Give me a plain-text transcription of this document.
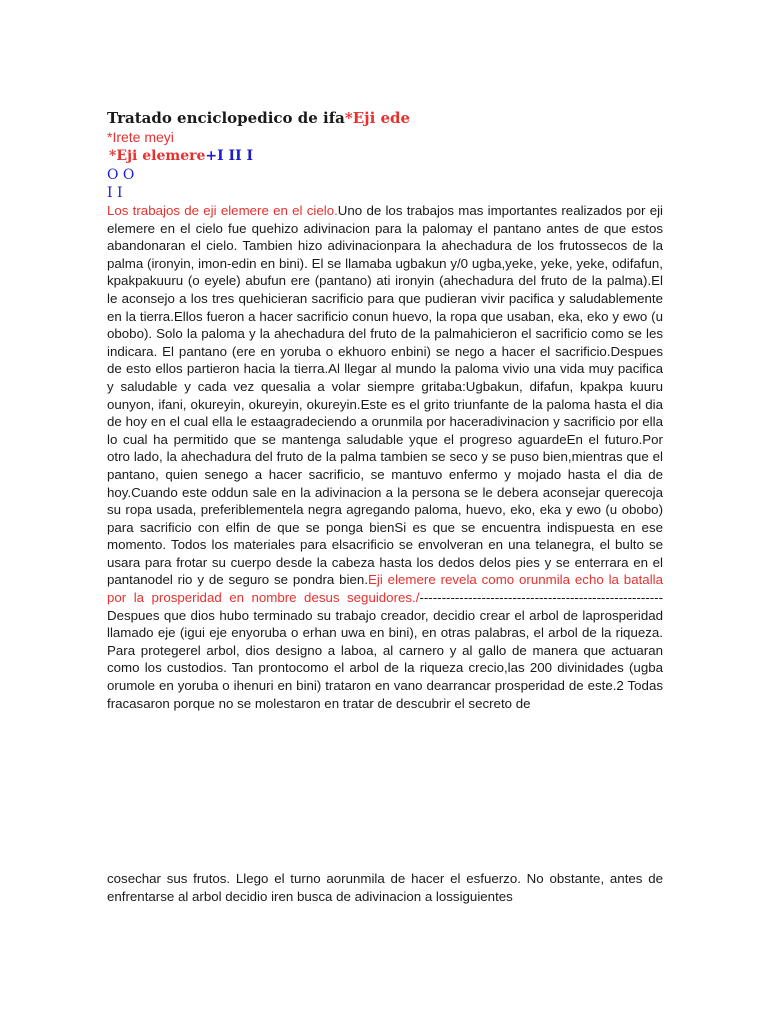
Tratado enciclopedico de ifa*Eji ede

*Irete meyi

*Eji elemere+I II I

O O

I I

Los trabajos de eji elemere en el cielo.Uno de los trabajos mas importantes realizados por eji elemere en el cielo fue quehizo adivinacion para la palomay el pantano antes de que estos abandonaran el cielo. Tambien hizo adivinacionpara la ahechadura de los frutossecos de la palma (ironyin, imon-edin en bini). El se llamaba ugbakun y/0 ugba,yeke, yeke, yeke, odifafun, kpakpakuuru (o eyele) abufun ere (pantano) ati ironyin (ahechadura del fruto de la palma).El le aconsejo a los tres quehicieran sacrificio para que pudieran vivir pacifica y saludablemente en la tierra.Ellos fueron a hacer sacrificio conun huevo, la ropa que usaban, eka, eko y ewo (u obobo). Solo la paloma y la ahechadura del fruto de la palmahicieron el sacrificio como se les indicara. El pantano (ere en yoruba o ekhuoro enbini) se nego a hacer el sacrificio.Despues de esto ellos partieron hacia la tierra.Al llegar al mundo la paloma vivio una vida muy pacifica y saludable y cada vez quesalia a volar siempre gritaba:Ugbakun, difafun, kpakpa kuuru ounyon, ifani, okureyin, okureyin, okureyin.Este es el grito triunfante de la paloma hasta el dia de hoy en el cual ella le estaagradeciendo a orunmila por haceradivinacion y sacrificio por ella lo cual ha permitido que se mantenga saludable yque el progreso aguardeEn el futuro.Por otro lado, la ahechadura del fruto de la palma tambien se seco y se puso bien,mientras que el pantano, quien senego a hacer sacrificio, se mantuvo enfermo y mojado hasta el dia de hoy.Cuando este oddun sale en la adivinacion a la persona se le debera aconsejar querecoja su ropa usada, preferiblementela negra agregando paloma, huevo, eko, eka y ewo (u obobo) para sacrificio con elfin de que se ponga bienSi es que se encuentra indispuesta en ese momento. Todos los materiales para elsacrificio se envolveran en una telanegra, el bulto se usara para frotar su cuerpo desde la cabeza hasta los dedos delos pies y se enterrara en el pantanodel rio y de seguro se pondra bien.Eji elemere revela como orunmila echo la batalla por la prosperidad en nombre desus seguidores./-------------------------------------------------------Despues que dios hubo terminado su trabajo creador, decidio crear el arbol de laprosperidad llamado eje (igui eje enyoruba o erhan uwa en bini), en otras palabras, el arbol de la riqueza. Para protegerel arbol, dios designo a laboa, al carnero y al gallo de manera que actuaran como los custodios. Tan prontocomo el arbol de la riqueza crecio,las 200 divinidades (ugba orumole en yoruba o ihenuri en bini) trataron en vano dearrancar prosperidad de este.2 Todas fracasaron porque no se molestaron en tratar de descubrir el secreto de

cosechar sus frutos. Llego el turno aorunmila de hacer el esfuerzo. No obstante, antes de enfrentarse al arbol decidio iren busca de adivinacion a lossiguientes
